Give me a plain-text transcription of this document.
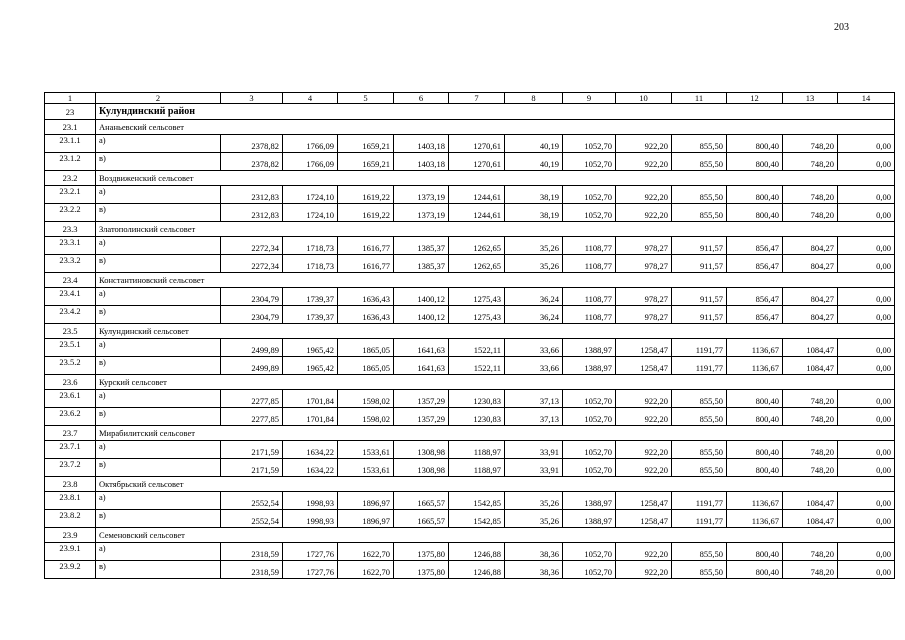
203
1	2	3	4	5	6	7	8	9	10	11	12	13	14
23	Кулундинский район												
23.1	Ананьевский сельсовет												
23.1.1	а)	2378,82	1766,09	1659,21	1403,18	1270,61	40,19	1052,70	922,20	855,50	800,40	748,20	0,00
23.1.2	в)	2378,82	1766,09	1659,21	1403,18	1270,61	40,19	1052,70	922,20	855,50	800,40	748,20	0,00
23.2	Воздвиженский сельсовет												
23.2.1	а)	2312,83	1724,10	1619,22	1373,19	1244,61	38,19	1052,70	922,20	855,50	800,40	748,20	0,00
23.2.2	в)	2312,83	1724,10	1619,22	1373,19	1244,61	38,19	1052,70	922,20	855,50	800,40	748,20	0,00
23.3	Златополинский сельсовет												
23.3.1	а)	2272,34	1718,73	1616,77	1385,37	1262,65	35,26	1108,77	978,27	911,57	856,47	804,27	0,00
23.3.2	в)	2272,34	1718,73	1616,77	1385,37	1262,65	35,26	1108,77	978,27	911,57	856,47	804,27	0,00
23.4	Константиновский сельсовет												
23.4.1	а)	2304,79	1739,37	1636,43	1400,12	1275,43	36,24	1108,77	978,27	911,57	856,47	804,27	0,00
23.4.2	в)	2304,79	1739,37	1636,43	1400,12	1275,43	36,24	1108,77	978,27	911,57	856,47	804,27	0,00
23.5	Кулундинский сельсовет												
23.5.1	а)	2499,89	1965,42	1865,05	1641,63	1522,11	33,66	1388,97	1258,47	1191,77	1136,67	1084,47	0,00
23.5.2	в)	2499,89	1965,42	1865,05	1641,63	1522,11	33,66	1388,97	1258,47	1191,77	1136,67	1084,47	0,00
23.6	Курский сельсовет												
23.6.1	а)	2277,85	1701,84	1598,02	1357,29	1230,83	37,13	1052,70	922,20	855,50	800,40	748,20	0,00
23.6.2	в)	2277,85	1701,84	1598,02	1357,29	1230,83	37,13	1052,70	922,20	855,50	800,40	748,20	0,00
23.7	Мирабилитский сельсовет												
23.7.1	а)	2171,59	1634,22	1533,61	1308,98	1188,97	33,91	1052,70	922,20	855,50	800,40	748,20	0,00
23.7.2	в)	2171,59	1634,22	1533,61	1308,98	1188,97	33,91	1052,70	922,20	855,50	800,40	748,20	0,00
23.8	Октябрьский сельсовет												
23.8.1	а)	2552,54	1998,93	1896,97	1665,57	1542,85	35,26	1388,97	1258,47	1191,77	1136,67	1084,47	0,00
23.8.2	в)	2552,54	1998,93	1896,97	1665,57	1542,85	35,26	1388,97	1258,47	1191,77	1136,67	1084,47	0,00
23.9	Семеновский сельсовет												
23.9.1	а)	2318,59	1727,76	1622,70	1375,80	1246,88	38,36	1052,70	922,20	855,50	800,40	748,20	0,00
23.9.2	в)	2318,59	1727,76	1622,70	1375,80	1246,88	38,36	1052,70	922,20	855,50	800,40	748,20	0,00
